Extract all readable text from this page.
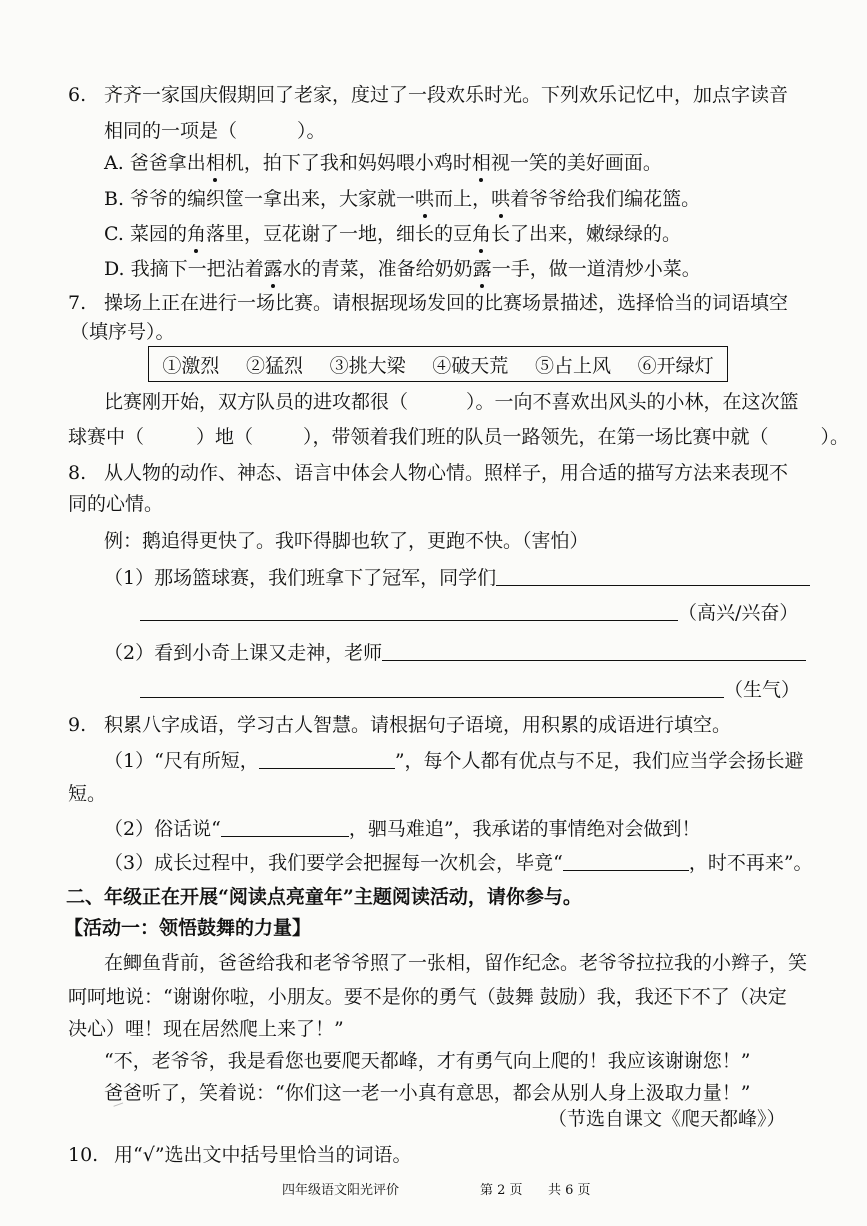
6. 齐齐一家国庆假期回了老家，度过了一段欢乐时光。下列欢乐记忆中，加点字读音
相同的一项是（	）。
A. 爸爸拿出相机，拍下了我和妈妈喂小鸡时相视一笑的美好画面。
B. 爷爷的编织筐一拿出来，大家就一哄而上，哄着爷爷给我们编花篮。
C. 菜园的角落里，豆花谢了一地，细长的豆角长了出来，嫩绿绿的。
D. 我摘下一把沾着露水的青菜，准备给奶奶露一手，做一道清炒小菜。
7. 操场上正在进行一场比赛。请根据现场发回的比赛场景描述，选择恰当的词语填空
（填序号）。
①激烈 ②猛烈 ③挑大梁 ④破天荒 ⑤占上风 ⑥开绿灯
比赛刚开始，双方队员的进攻都很（	）。一向不喜欢出风头的小林，在这次篮
球赛中（	）地（	），带领着我们班的队员一路领先，在第一场比赛中就（	）。
8. 从人物的动作、神态、语言中体会人物心情。照样子，用合适的描写方法来表现不
同的心情。
例：鹅追得更快了。我吓得脚也软了，更跑不快。（害怕）
（1）那场篮球赛，我们班拿下了冠军，同学们
（高兴/兴奋）
（2）看到小奇上课又走神，老师
（生气）
9. 积累八字成语，学习古人智慧。请根据句子语境，用积累的成语进行填空。
（1）“尺有所短，	”，每个人都有优点与不足，我们应当学会扬长避
短。
（2）俗话说“	，驷马难追”，我承诺的事情绝对会做到！
（3）成长过程中，我们要学会把握每一次机会，毕竟“	，时不再来”。
二、年级正在开展“阅读点亮童年”主题阅读活动，请你参与。
【活动一：领悟鼓舞的力量】
在鲫鱼背前，爸爸给我和老爷爷照了一张相，留作纪念。老爷爷拉拉我的小辫子，笑
呵呵地说：“谢谢你啦，小朋友。要不是你的勇气（鼓舞 鼓励）我，我还下不了（决定
决心）哩！现在居然爬上来了！”
“不，老爷爷，我是看您也要爬天都峰，才有勇气向上爬的！我应该谢谢您！”
爸爸听了，笑着说：“你们这一老一小真有意思，都会从别人身上汲取力量！”
（节选自课文《爬天都峰》）
10. 用“√”选出文中括号里恰当的词语。
四年级语文阳光评价	第 2 页 共 6 页
